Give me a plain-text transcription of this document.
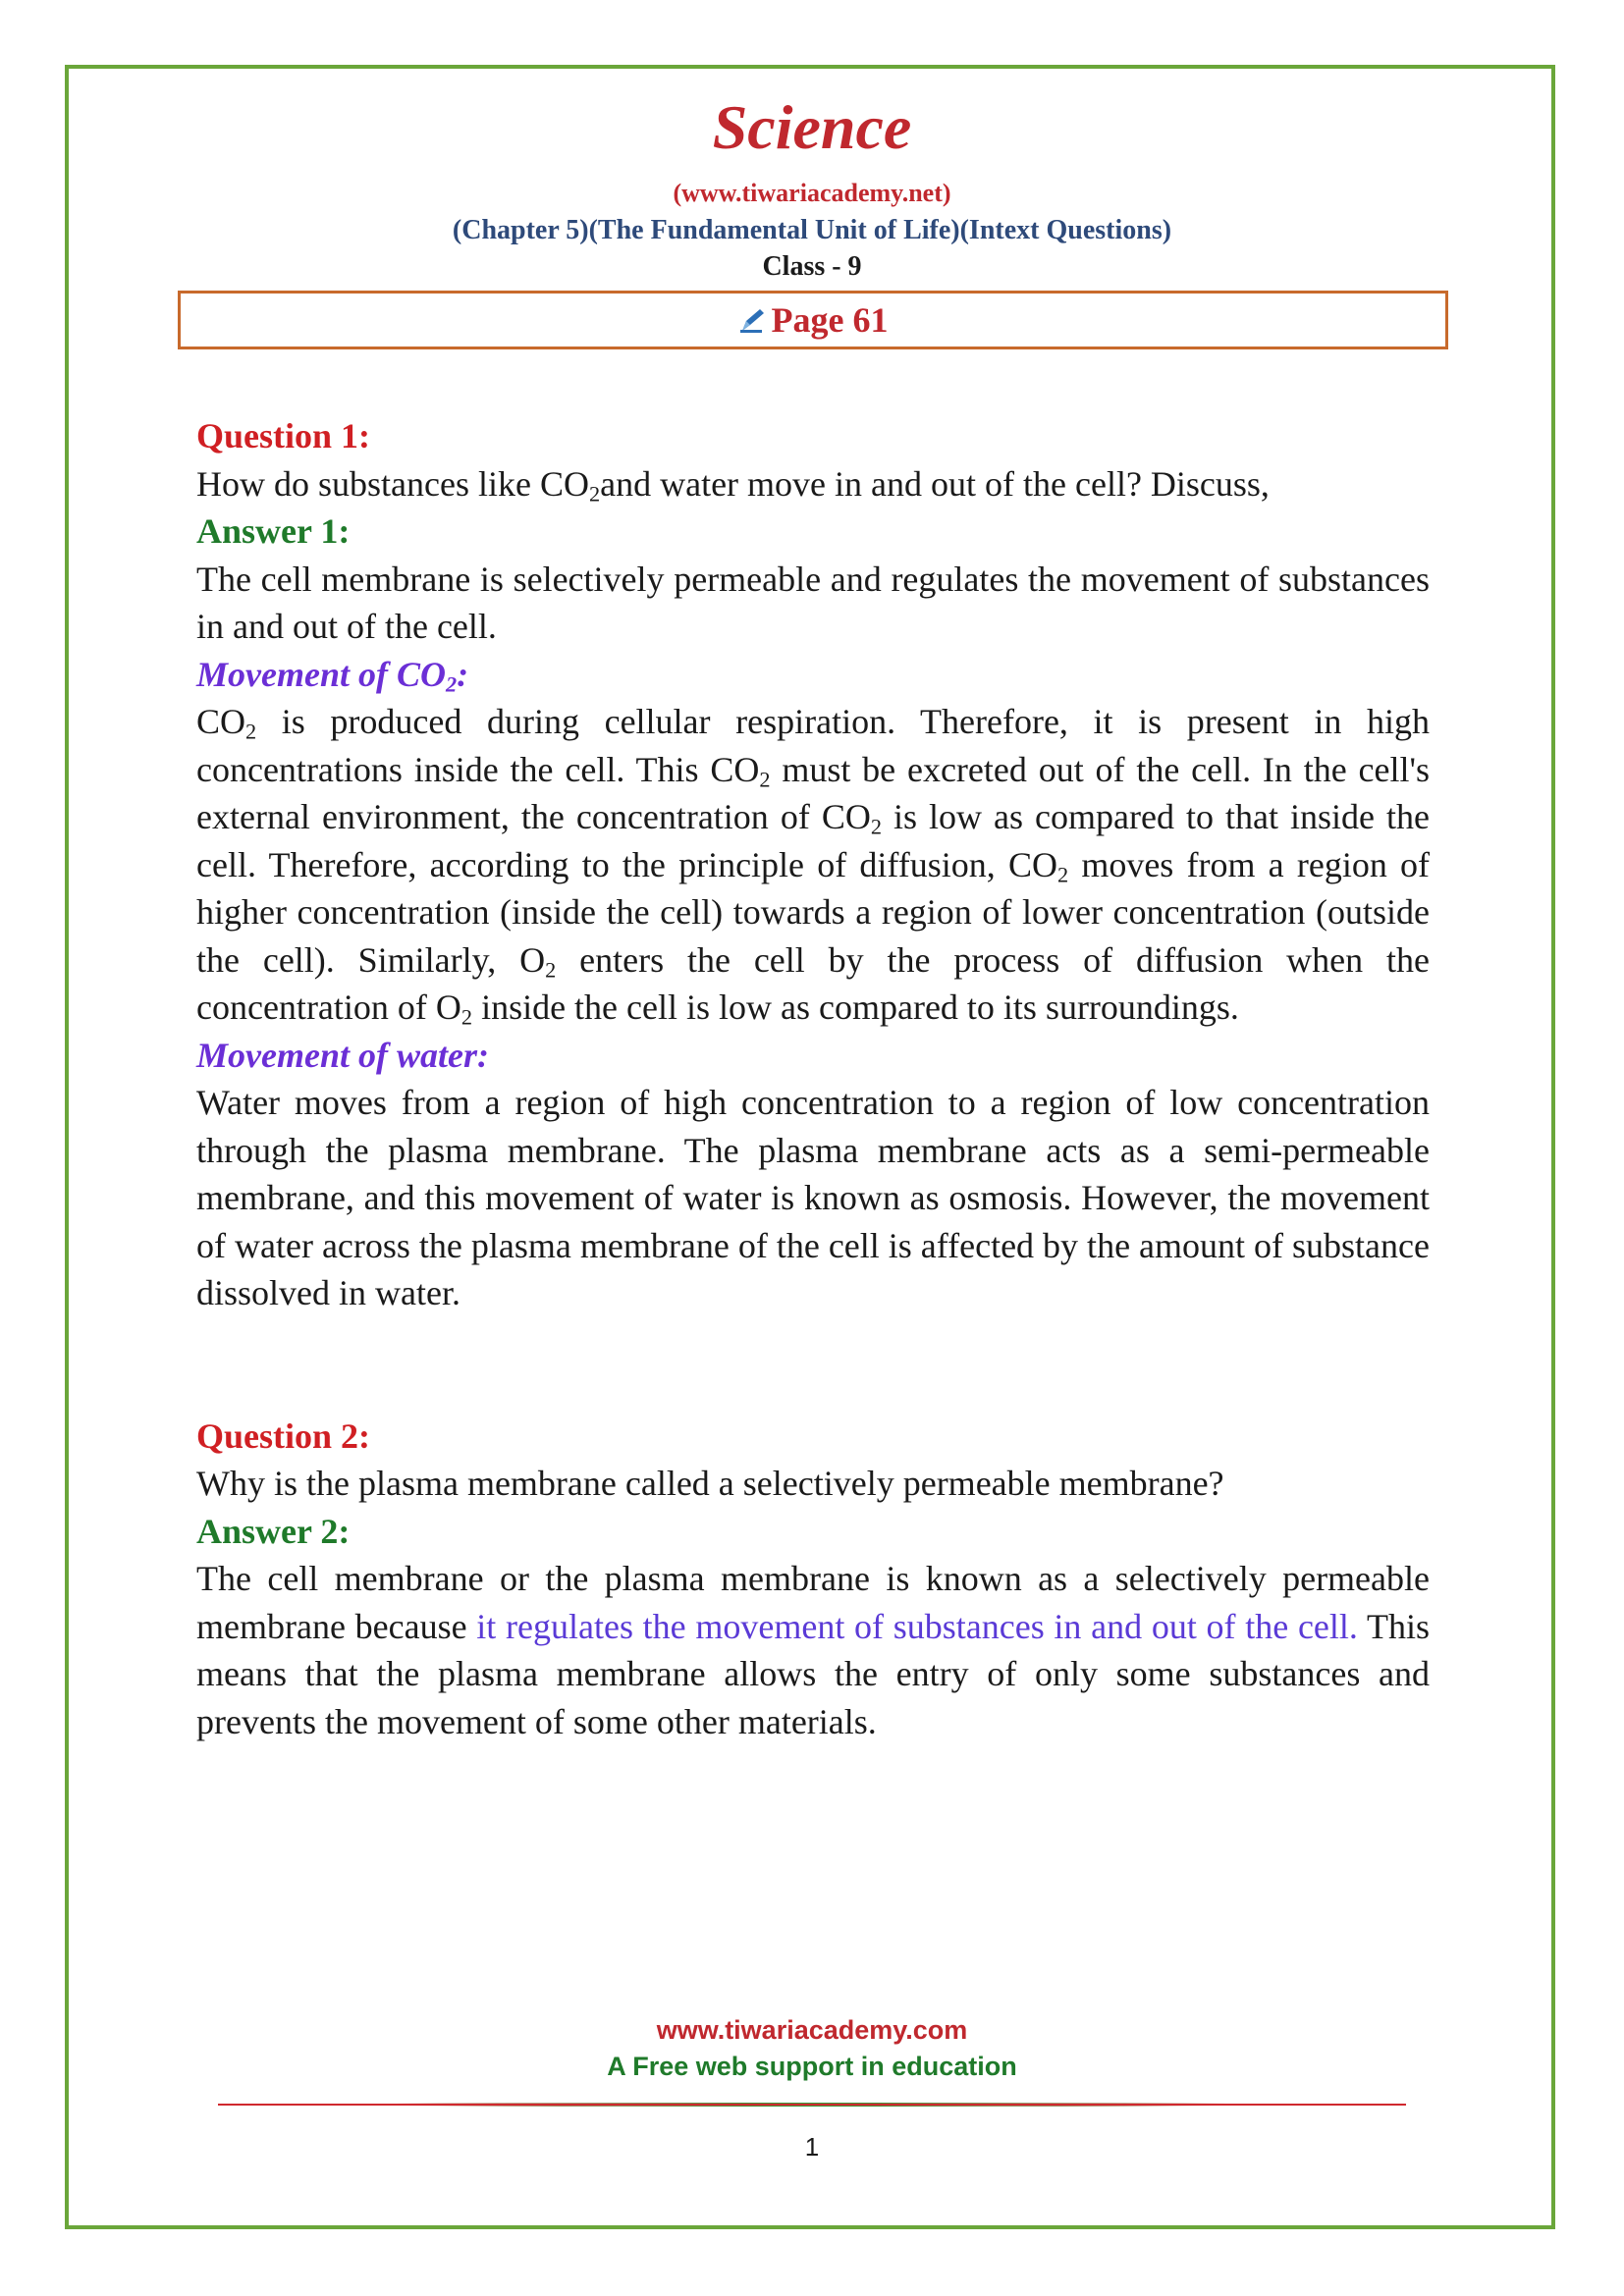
Science
(www.tiwariacademy.net)
(Chapter 5)(The Fundamental Unit of Life)(Intext Questions)
Class - 9
Page 61
Question 1:

How do substances like $CO_2and$ water move in and out of the cell? Discuss,

Answer 1:

The cell membrane is selectively permeable and regulates the movement of substances in and out of the cell.

Movement of $CO_2$:

$CO_2$ is produced during cellular respiration. Therefore, it is present in high concentrations inside the cell. This $CO_2$ must be excreted out of the cell. In the cell's external environment, the concentration of $CO_2$ is low as compared to that inside the cell. Therefore, according to the principle of diffusion, $CO_2$ moves from a region of higher concentration (inside the cell) towards a region of lower concentration (outside the cell). Similarly, $O_2$ enters the cell by the process of diffusion when the concentration of $O_2$ inside the cell is low as compared to its surroundings.

Movement of water:

Water moves from a region of high concentration to a region of low concentration through the plasma membrane. The plasma membrane acts as a semi-permeable membrane, and this movement of water is known as osmosis. However, the movement of water across the plasma membrane of the cell is affected by the amount of substance dissolved in water.

Question 2:

Why is the plasma membrane called a selectively permeable membrane?

Answer 2:

The cell membrane or the plasma membrane is known as a selectively permeable membrane because it regulates the movement of substances in and out of the cell. This means that the plasma membrane allows the entry of only some substances and prevents the movement of some other materials.

www.tiwariacademy.com
A Free web support in education
1
